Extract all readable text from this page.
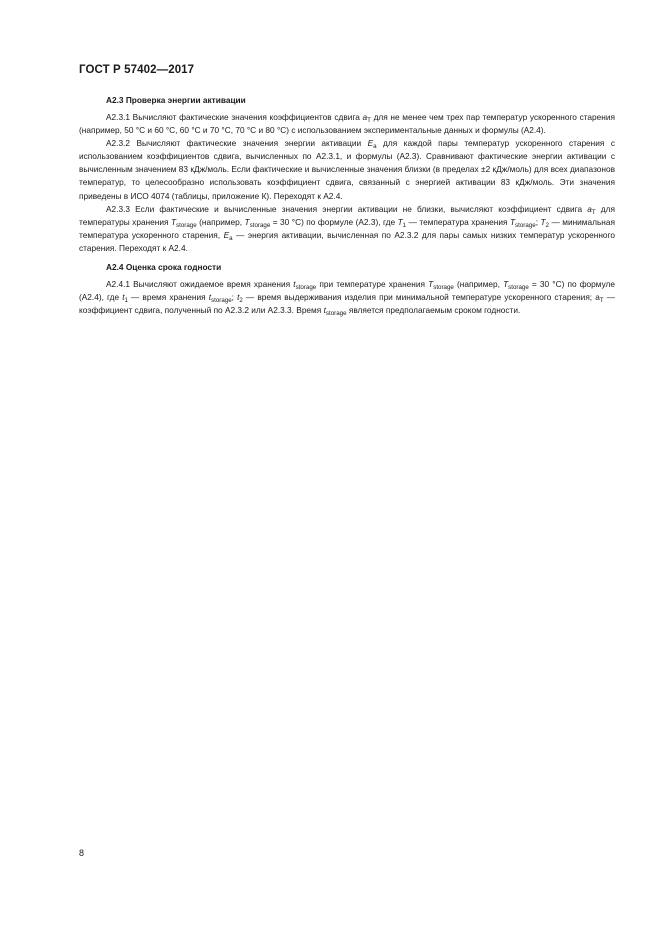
ГОСТ Р 57402—2017
A2.3 Проверка энергии активации

A2.3.1 Вычисляют фактические значения коэффициентов сдвига $a_T$ для не менее чем трех пар температур ускоренного старения (например, 50 °С и 60 °С, 60 °С и 70 °С, 70 °С и 80 °С) с использованием экспериментальные данных и формулы (A2.4).

A2.3.2 Вычисляют фактические значения энергии активации $E_a$ для каждой пары температур ускоренного старения с использованием коэффициентов сдвига, вычисленных по A2.3.1, и формулы (A2.3). Сравнивают фактические энергии активации с вычисленным значением 83 кДж/моль. Если фактические и вычисленные значения близки (в пределах ±2 кДж/моль) для всех диапазонов температур, то целесообразно использовать коэффициент сдвига, связанный с энергией активации 83 кДж/моль. Эти значения приведены в ИСО 4074 (таблицы, приложение К). Переходят к A2.4.

A2.3.3 Если фактические и вычисленные значения энергии активации не близки, вычисляют коэффициент сдвига $a_T$ для температуры хранения $T_{storage}$ (например, $T_{storage} = 30$ °С) по формуле (A2.3), где $T_1$ — температура хранения $T_{storage}$; $T_2$ — минимальная температура ускоренного старения, $E_a$ — энергия активации, вычисленная по A2.3.2 для пары самых низких температур ускоренного старения. Переходят к A2.4.

A2.4 Оценка срока годности

A2.4.1 Вычисляют ожидаемое время хранения $t_{storage}$ при температуре хранения $T_{storage}$ (например, $T_{storage} = 30$ °С) по формуле (A2.4), где $t_1$ — время хранения $t_{storage}$; $t_2$ — время выдерживания изделия при минимальной температуре ускоренного старения; $a_T$ — коэффициент сдвига, полученный по A2.3.2 или A2.3.3. Время $t_{storage}$ является предполагаемым сроком годности.

8
